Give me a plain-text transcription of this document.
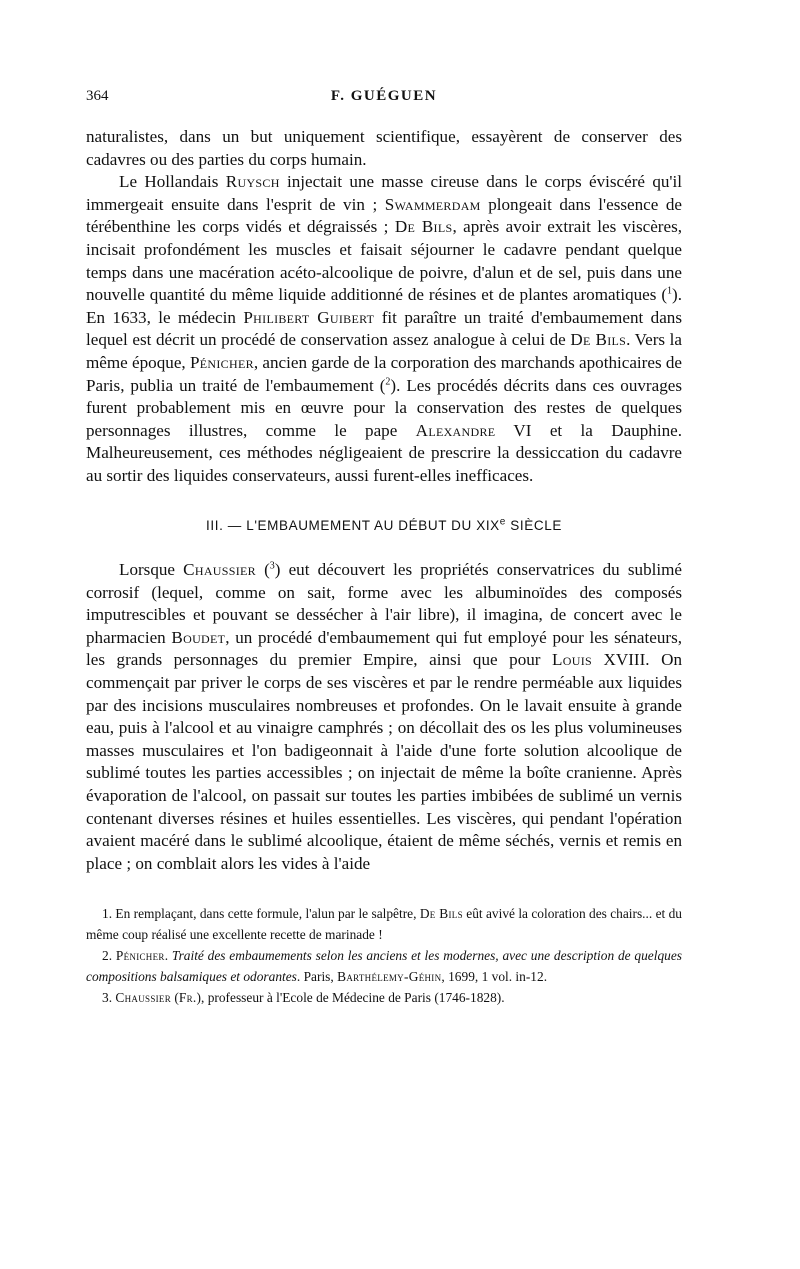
364	F. GUÉGUEN

naturalistes, dans un but uniquement scientifique, essayèrent de conserver des cadavres ou des parties du corps humain.

Le Hollandais Ruysch injectait une masse cireuse dans le corps éviscéré qu'il immergeait ensuite dans l'esprit de vin ; Swammerdam plongeait dans l'essence de térébenthine les corps vidés et dégraissés ; De Bils, après avoir extrait les viscères, incisait profondément les muscles et faisait séjourner le cadavre pendant quelque temps dans une macération acéto-alcoolique de poivre, d'alun et de sel, puis dans une nouvelle quantité du même liquide additionné de résines et de plantes aromatiques ($^1$). En 1633, le médecin Philibert Guibert fit paraître un traité d'embaumement dans lequel est décrit un procédé de conservation assez analogue à celui de De Bils. Vers la même époque, Pénicher, ancien garde de la corporation des marchands apothicaires de Paris, publia un traité de l'embaumement ($^2$). Les procédés décrits dans ces ouvrages furent probablement mis en œuvre pour la conservation des restes de quelques personnages illustres, comme le pape Alexandre VI et la Dauphine. Malheureusement, ces méthodes négligeaient de prescrire la dessiccation du cadavre au sortir des liquides conservateurs, aussi furent-elles inefficaces.

III. — L'EMBAUMEMENT AU DÉBUT DU XIXe SIÈCLE

Lorsque Chaussier ($^3$) eut découvert les propriétés conservatrices du sublimé corrosif (lequel, comme on sait, forme avec les albuminoïdes des composés imputrescibles et pouvant se dessécher à l'air libre), il imagina, de concert avec le pharmacien Boudet, un procédé d'embaumement qui fut employé pour les sénateurs, les grands personnages du premier Empire, ainsi que pour Louis XVIII. On commençait par priver le corps de ses viscères et par le rendre perméable aux liquides par des incisions musculaires nombreuses et profondes. On le lavait ensuite à grande eau, puis à l'alcool et au vinaigre camphrés ; on décollait des os les plus volumineuses masses musculaires et l'on badigeonnait à l'aide d'une forte solution alcoolique de sublimé toutes les parties accessibles ; on injectait de même la boîte cranienne. Après évaporation de l'alcool, on passait sur toutes les parties imbibées de sublimé un vernis contenant diverses résines et huiles essentielles. Les viscères, qui pendant l'opération avaient macéré dans le sublimé alcoolique, étaient de même séchés, vernis et remis en place ; on comblait alors les vides à l'aide

1. En remplaçant, dans cette formule, l'alun par le salpêtre, De Bils eût avivé la coloration des chairs... et du même coup réalisé une excellente recette de marinade !

2. Pénicher. Traité des embaumements selon les anciens et les modernes, avec une description de quelques compositions balsamiques et odorantes. Paris, Barthélemy-Géhin, 1699, 1 vol. in-12.

3. Chaussier (Fr.), professeur à l'Ecole de Médecine de Paris (1746-1828).
